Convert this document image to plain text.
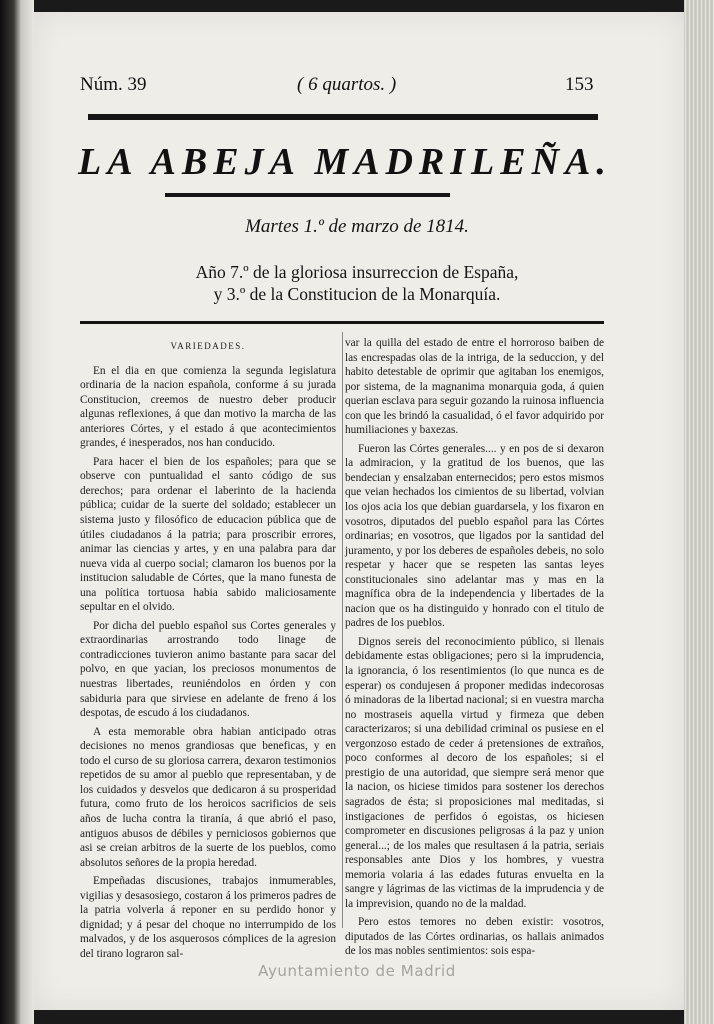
Núm. 39	( 6 quartos. )	153
LA ABEJA MADRILEÑA.
Martes 1.º de marzo de 1814.
Año 7.º de la gloriosa insurreccion de España,
y 3.º de la Constitucion de la Monarquía.
VARIEDADES.

En el dia en que comienza la segunda legislatura ordinaria de la nacion española, conforme á su jurada Constitucion, creemos de nuestro deber producir algunas reflexiones, á que dan motivo la marcha de las anteriores Córtes, y el estado á que acontecimientos grandes, é inesperados, nos han conducido.

Para hacer el bien de los españoles; para que se observe con puntualidad el santo código de sus derechos; para ordenar el laberinto de la hacienda pública; cuidar de la suerte del soldado; establecer un sistema justo y filosófico de educacion pública que de útiles ciudadanos á la patria; para proscribir errores, animar las ciencias y artes, y en una palabra para dar nueva vida al cuerpo social; clamaron los buenos por la institucion saludable de Córtes, que la mano funesta de una política tortuosa habia sabido maliciosamente sepultar en el olvido.

Por dicha del pueblo español sus Cortes generales y extraordinarias arrostrando todo linage de contradicciones tuvieron animo bastante para sacar del polvo, en que yacian, los preciosos monumentos de nuestras libertades, reuniéndolos en órden y con sabiduria para que sirviese en adelante de freno á los despotas, de escudo á los ciudadanos.

A esta memorable obra habian anticipado otras decisiones no menos grandiosas que beneficas, y en todo el curso de su gloriosa carrera, dexaron testimonios repetidos de su amor al pueblo que representaban, y de los cuidados y desvelos que dedicaron á su prosperidad futura, como fruto de los heroicos sacrificios de seis años de lucha contra la tiranía, á que abrió el paso, antiguos abusos de débiles y perniciosos gobiernos que asi se creian arbitros de la suerte de los pueblos, como absolutos señores de la propia heredad.

Empeñadas discusiones, trabajos inmumerables, vigilias y desasosiego, costaron á los primeros padres de la patria volverla á reponer en su perdido honor y dignidad; y á pesar del choque no interrumpido de los malvados, y de los asquerosos cómplices de la agresion del tirano lograron sal-

var la quilla del estado de entre el horroroso baiben de las encrespadas olas de la intriga, de la seduccion, y del habito detestable de oprimir que agitaban los enemigos, por sistema, de la magnanima monarquia goda, á quien querian esclava para seguir gozando la ruinosa influencia con que les brindó la casualidad, ó el favor adquirido por humiliaciones y baxezas.

Fueron las Córtes generales.... y en pos de si dexaron la admiracion, y la gratitud de los buenos, que las bendecian y ensalzaban enternecidos; pero estos mismos que veian hechados los cimientos de su libertad, volvian los ojos acia los que debian guardarsela, y los fixaron en vosotros, diputados del pueblo español para las Córtes ordinarias; en vosotros, que ligados por la santidad del juramento, y por los deberes de españoles debeis, no solo respetar y hacer que se respeten las santas leyes constitucionales sino adelantar mas y mas en la magnífica obra de la independencia y libertades de la nacion que os ha distinguido y honrado con el titulo de padres de los pueblos.

Dignos sereis del reconocimiento público, si llenais debidamente estas obligaciones; pero si la imprudencia, la ignorancia, ó los resentimientos (lo que nunca es de esperar) os condujesen á proponer medidas indecorosas ó minadoras de la libertad nacional; si en vuestra marcha no mostraseis aquella virtud y firmeza que deben caracterizaros; si una debilidad criminal os pusiese en el vergonzoso estado de ceder á pretensiones de extraños, poco conformes al decoro de los españoles; si el prestigio de una autoridad, que siempre será menor que la nacion, os hiciese timidos para sostener los derechos sagrados de ésta; si proposiciones mal meditadas, si instigaciones de perfidos ó egoistas, os hiciesen comprometer en discusiones peligrosas á la paz y union general...; de los males que resultasen á la patria, seriais responsables ante Dios y los hombres, y vuestra memoria volaria á las edades futuras envuelta en la sangre y lágrimas de las victimas de la imprudencia y de la imprevision, quando no de la maldad.

Pero estos temores no deben existir: vosotros, diputados de las Córtes ordinarias, os hallais animados de los mas nobles sentimientos: sois espa-

Ayuntamiento de Madrid
